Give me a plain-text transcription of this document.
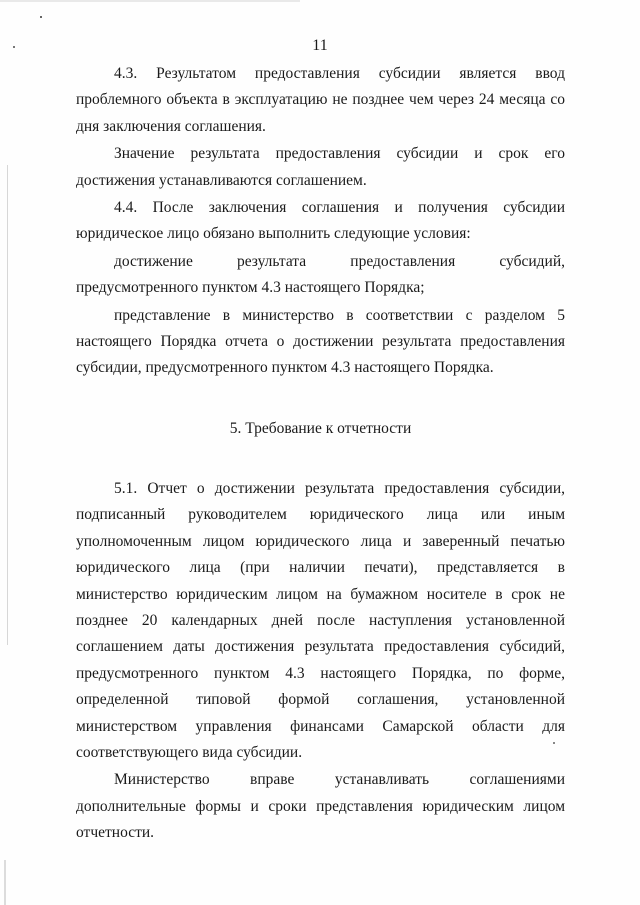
11

4.3. Результатом предоставления субсидии является ввод проблемного объекта в эксплуатацию не позднее чем через 24 месяца со дня заключения соглашения.

Значение результата предоставления субсидии и срок его достижения устанавливаются соглашением.

4.4. После заключения соглашения и получения субсидии юридическое лицо обязано выполнить следующие условия:

достижение результата предоставления субсидий, предусмотренного пунктом 4.3 настоящего Порядка;

представление в министерство в соответствии с разделом 5 настоящего Порядка отчета о достижении результата предоставления субсидии, предусмотренного пунктом 4.3 настоящего Порядка.

5. Требование к отчетности

5.1. Отчет о достижении результата предоставления субсидии, подписанный руководителем юридического лица или иным уполномоченным лицом юридического лица и заверенный печатью юридического лица (при наличии печати), представляется в министерство юридическим лицом на бумажном носителе в срок не позднее 20 календарных дней после наступления установленной соглашением даты достижения результата предоставления субсидий, предусмотренного пунктом 4.3 настоящего Порядка, по форме, определенной типовой формой соглашения, установленной министерством управления финансами Самарской области для соответствующего вида субсидии.

Министерство вправе устанавливать соглашениями дополнительные формы и сроки представления юридическим лицом отчетности.
